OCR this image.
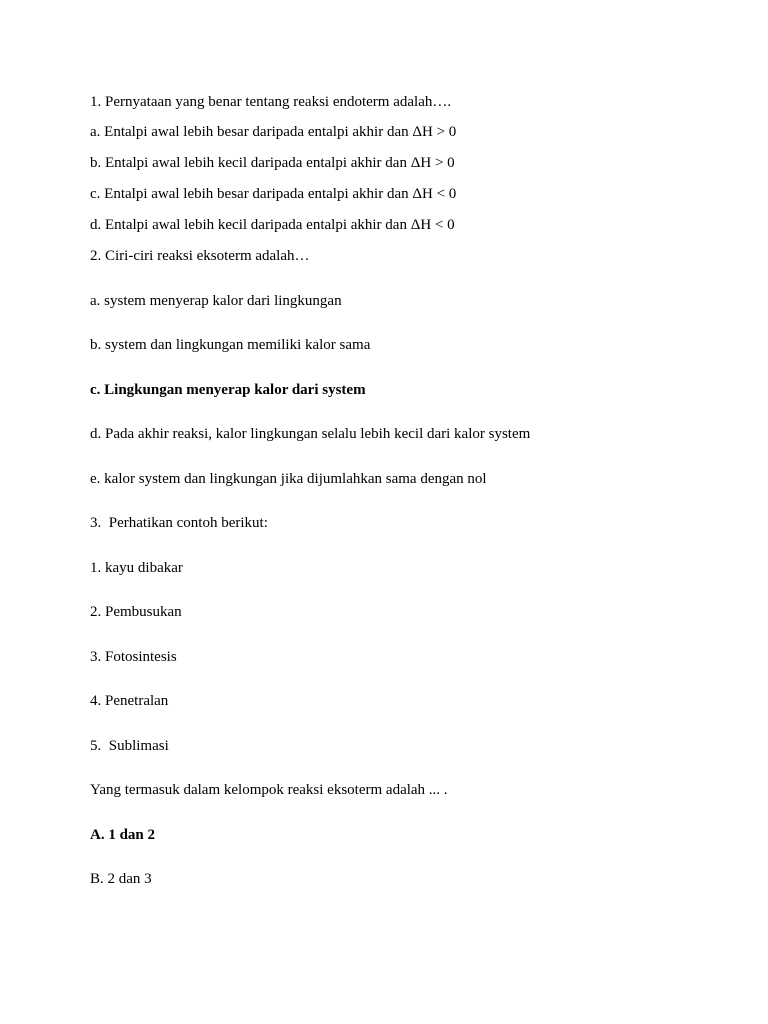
1. Pernyataan yang benar tentang reaksi endoterm adalah….
a. Entalpi awal lebih besar daripada entalpi akhir dan ΔH > 0
b. Entalpi awal lebih kecil daripada entalpi akhir dan ΔH > 0
c. Entalpi awal lebih besar daripada entalpi akhir dan ΔH < 0
d. Entalpi awal lebih kecil daripada entalpi akhir dan ΔH < 0
2. Ciri-ciri reaksi eksoterm adalah…
a. system menyerap kalor dari lingkungan
b. system dan lingkungan memiliki kalor sama
c. Lingkungan menyerap kalor dari system
d. Pada akhir reaksi, kalor lingkungan selalu lebih kecil dari kalor system
e. kalor system dan lingkungan jika dijumlahkan sama dengan nol
3.  Perhatikan contoh berikut:
1. kayu dibakar
2. Pembusukan
3. Fotosintesis
4. Penetralan
5.  Sublimasi
Yang termasuk dalam kelompok reaksi eksoterm adalah ... .
A. 1 dan 2
B. 2 dan 3
